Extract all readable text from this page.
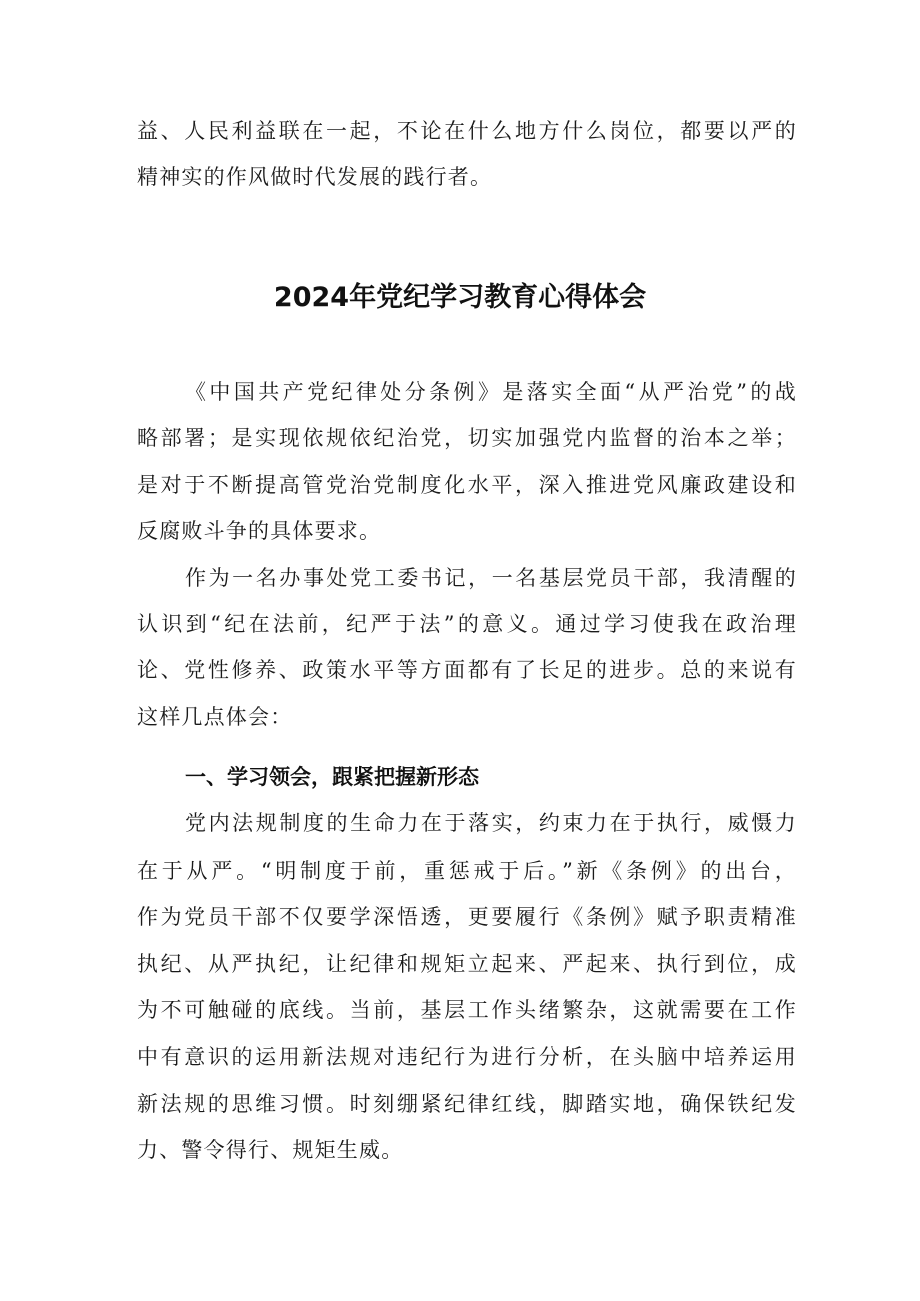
益、人民利益联在一起，不论在什么地方什么岗位，都要以严的
精神实的作风做时代发展的践行者。
2024年党纪学习教育心得体会
《中国共产党纪律处分条例》是落实全面“从严治党”的战
略部署；是实现依规依纪治党，切实加强党内监督的治本之举；
是对于不断提高管党治党制度化水平，深入推进党风廉政建设和
反腐败斗争的具体要求。
作为一名办事处党工委书记，一名基层党员干部，我清醒的
认识到“纪在法前，纪严于法”的意义。通过学习使我在政治理
论、党性修养、政策水平等方面都有了长足的进步。总的来说有
这样几点体会：
一、学习领会，跟紧把握新形态
党内法规制度的生命力在于落实，约束力在于执行，威慑力
在于从严。“明制度于前，重惩戒于后。”新《条例》的出台，
作为党员干部不仅要学深悟透，更要履行《条例》赋予职责精准
执纪、从严执纪，让纪律和规矩立起来、严起来、执行到位，成
为不可触碰的底线。当前，基层工作头绪繁杂，这就需要在工作
中有意识的运用新法规对违纪行为进行分析，在头脑中培养运用
新法规的思维习惯。时刻绷紧纪律红线，脚踏实地，确保铁纪发
力、警令得行、规矩生威。
